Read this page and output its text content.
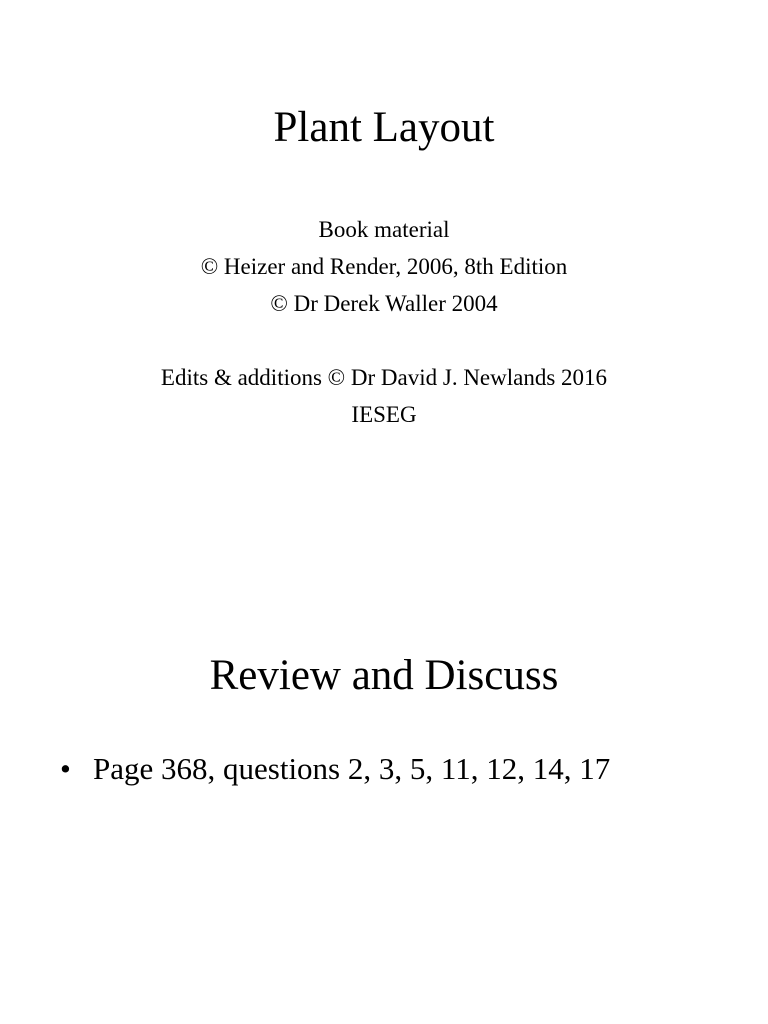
Plant Layout
Book material
© Heizer and Render, 2006, 8th Edition
© Dr Derek Waller 2004
Edits & additions © Dr David J. Newlands 2016
IESEG
Review and Discuss
• Page 368, questions 2, 3, 5, 11, 12, 14, 17
